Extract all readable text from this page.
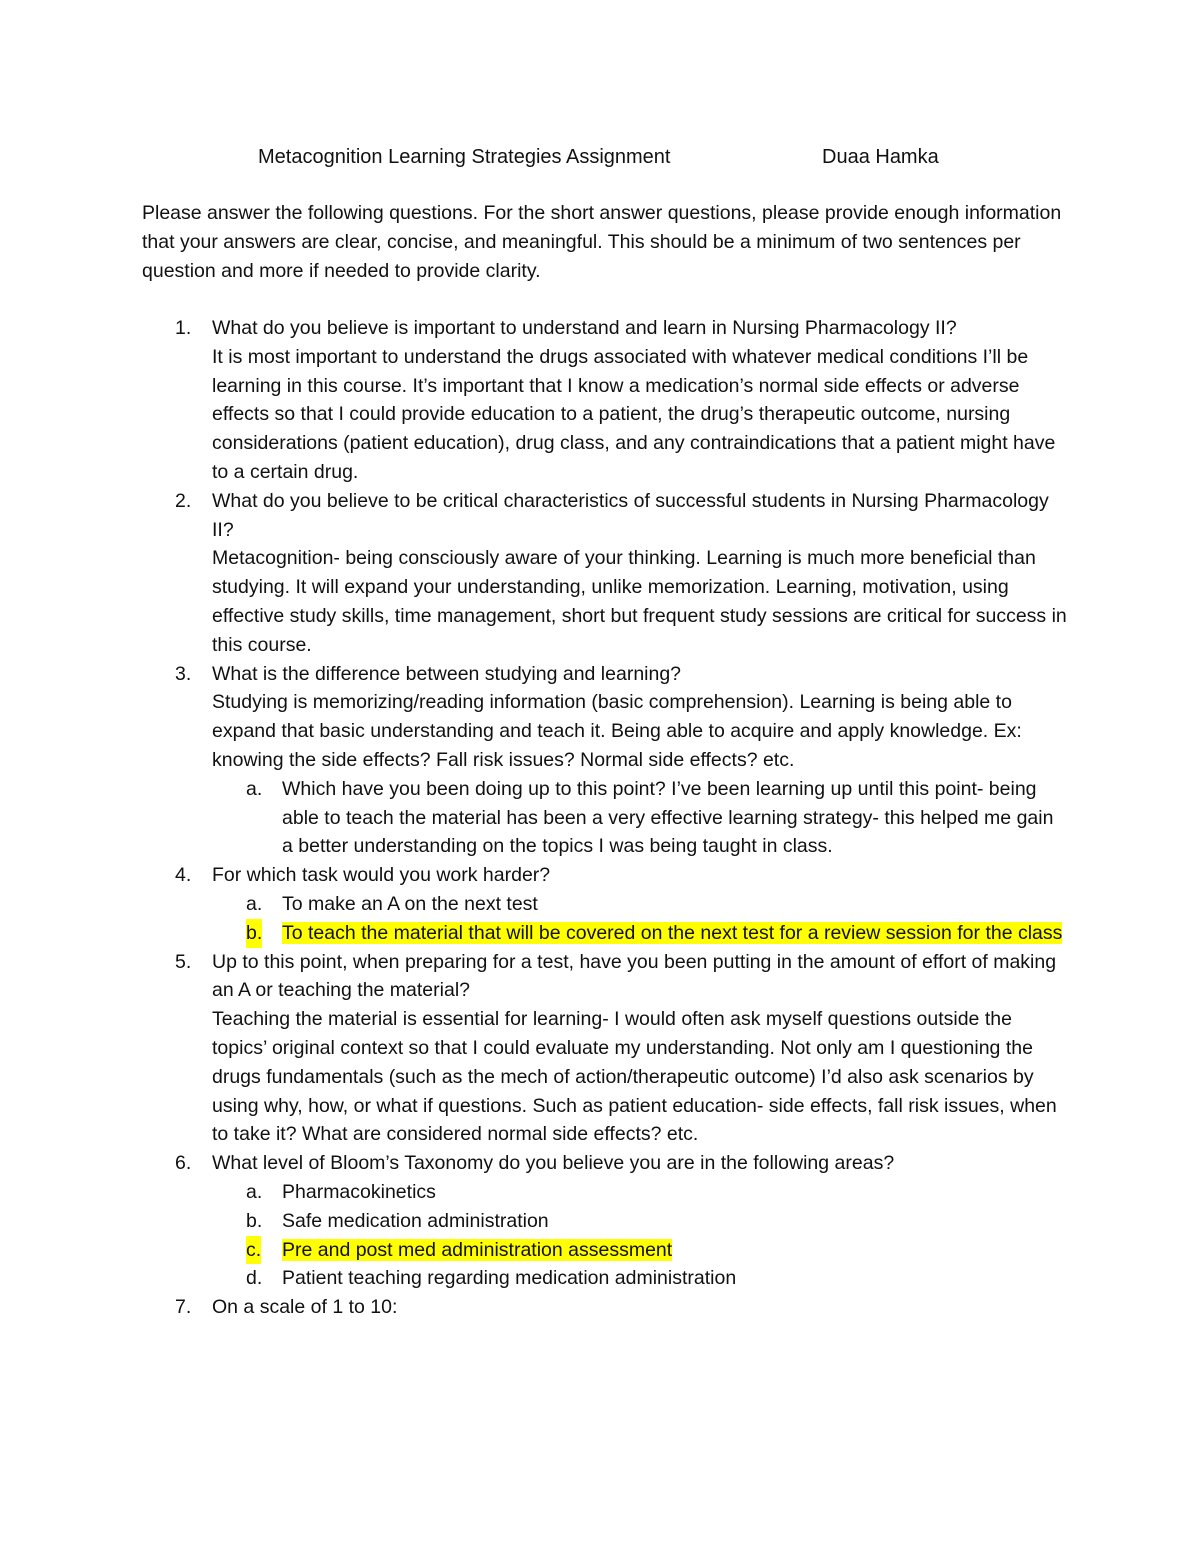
Metacognition Learning Strategies Assignment	Duaa Hamka

Please answer the following questions. For the short answer questions, please provide enough information that your answers are clear, concise, and meaningful. This should be a minimum of two sentences per question and more if needed to provide clarity.

1. What do you believe is important to understand and learn in Nursing Pharmacology II?
It is most important to understand the drugs associated with whatever medical conditions I’ll be learning in this course. It’s important that I know a medication’s normal side effects or adverse effects so that I could provide education to a patient, the drug’s therapeutic outcome, nursing considerations (patient education), drug class, and any contraindications that a patient might have to a certain drug.
2. What do you believe to be critical characteristics of successful students in Nursing Pharmacology II?
Metacognition- being consciously aware of your thinking. Learning is much more beneficial than studying. It will expand your understanding, unlike memorization. Learning, motivation, using effective study skills, time management, short but frequent study sessions are critical for success in this course.
3. What is the difference between studying and learning?
Studying is memorizing/reading information (basic comprehension). Learning is being able to expand that basic understanding and teach it. Being able to acquire and apply knowledge. Ex: knowing the side effects? Fall risk issues? Normal side effects? etc.
a. Which have you been doing up to this point? I’ve been learning up until this point- being able to teach the material has been a very effective learning strategy- this helped me gain a better understanding on the topics I was being taught in class.
4. For which task would you work harder?
a. To make an A on the next test
b. To teach the material that will be covered on the next test for a review session for the class
5. Up to this point, when preparing for a test, have you been putting in the amount of effort of making an A or teaching the material?
Teaching the material is essential for learning- I would often ask myself questions outside the topics’ original context so that I could evaluate my understanding. Not only am I questioning the drugs fundamentals (such as the mech of action/therapeutic outcome) I’d also ask scenarios by using why, how, or what if questions. Such as patient education- side effects, fall risk issues, when to take it? What are considered normal side effects? etc.
6. What level of Bloom’s Taxonomy do you believe you are in the following areas?
a. Pharmacokinetics
b. Safe medication administration
c. Pre and post med administration assessment
d. Patient teaching regarding medication administration
7. On a scale of 1 to 10:
